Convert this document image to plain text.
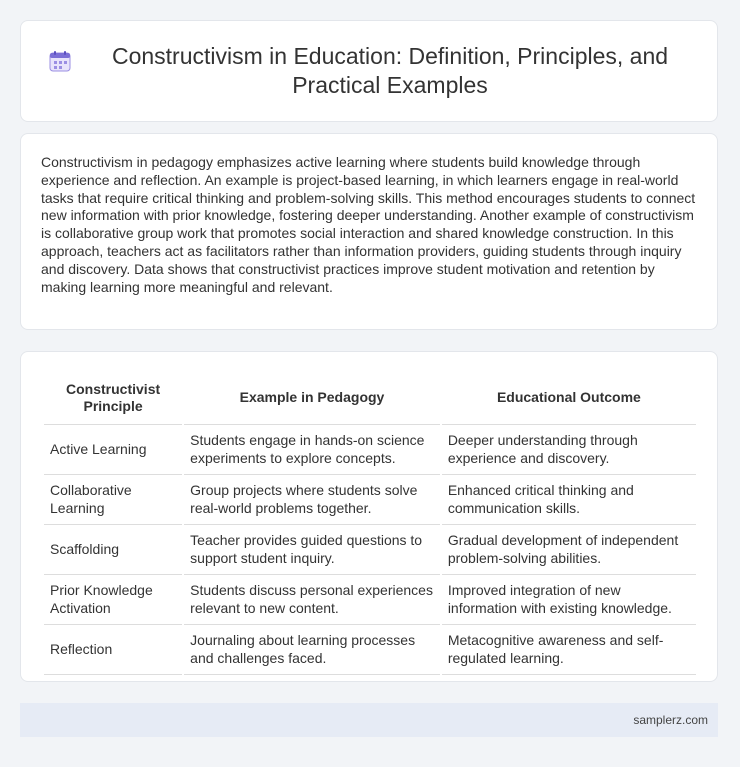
Constructivism in Education: Definition, Principles, and Practical Examples

Constructivism in pedagogy emphasizes active learning where students build knowledge through experience and reflection. An example is project-based learning, in which learners engage in real-world tasks that require critical thinking and problem-solving skills. This method encourages students to connect new information with prior knowledge, fostering deeper understanding. Another example of constructivism is collaborative group work that promotes social interaction and shared knowledge construction. In this approach, teachers act as facilitators rather than information providers, guiding students through inquiry and discovery. Data shows that constructivist practices improve student motivation and retention by making learning more meaningful and relevant.

Constructivist Principle	Example in Pedagogy	Educational Outcome
Active Learning	Students engage in hands-on science experiments to explore concepts.	Deeper understanding through experience and discovery.
Collaborative Learning	Group projects where students solve real-world problems together.	Enhanced critical thinking and communication skills.
Scaffolding	Teacher provides guided questions to support student inquiry.	Gradual development of independent problem-solving abilities.
Prior Knowledge Activation	Students discuss personal experiences relevant to new content.	Improved integration of new information with existing knowledge.
Reflection	Journaling about learning processes and challenges faced.	Metacognitive awareness and self-regulated learning.
samplerz.com
